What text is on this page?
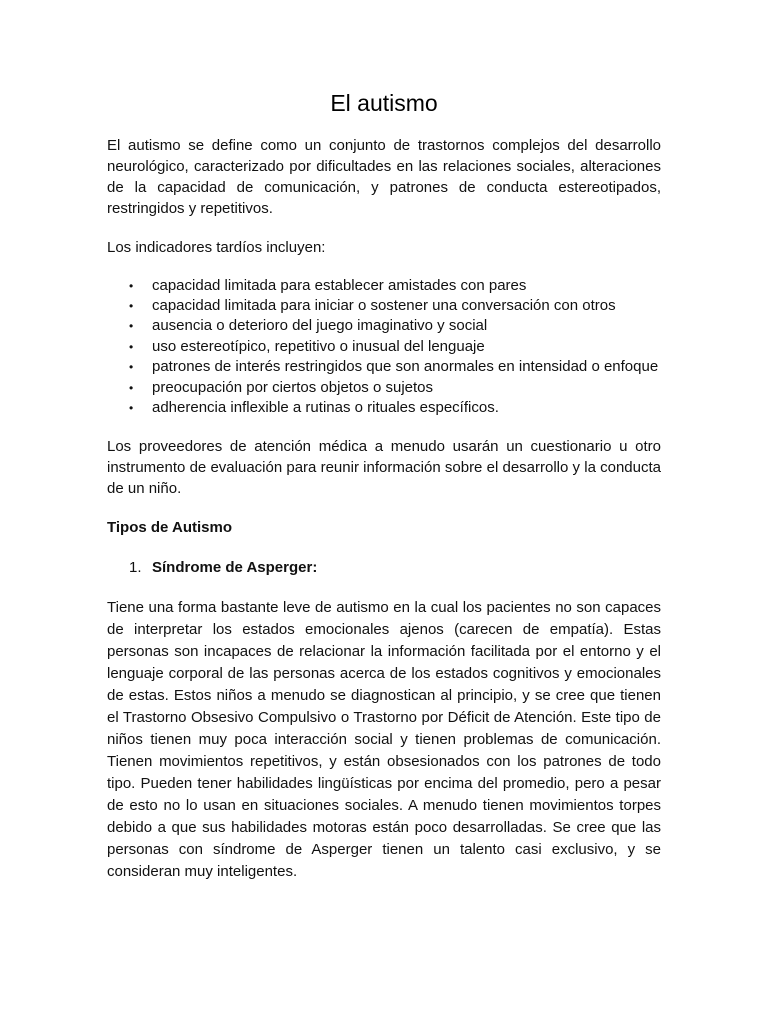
El autismo

El autismo se define como un conjunto de trastornos complejos del desarrollo neurológico, caracterizado por dificultades en las relaciones sociales, alteraciones de la capacidad de comunicación, y patrones de conducta estereotipados, restringidos y repetitivos.

Los indicadores tardíos incluyen:

• capacidad limitada para establecer amistades con pares
• capacidad limitada para iniciar o sostener una conversación con otros
• ausencia o deterioro del juego imaginativo y social
• uso estereotípico, repetitivo o inusual del lenguaje
• patrones de interés restringidos que son anormales en intensidad o enfoque
• preocupación por ciertos objetos o sujetos
• adherencia inflexible a rutinas o rituales específicos.

Los proveedores de atención médica a menudo usarán un cuestionario u otro instrumento de evaluación para reunir información sobre el desarrollo y la conducta de un niño.

Tipos de Autismo
1. Síndrome de Asperger:

Tiene una forma bastante leve de autismo en la cual los pacientes no son capaces de interpretar los estados emocionales ajenos (carecen de empatía). Estas personas son incapaces de relacionar la información facilitada por el entorno y el lenguaje corporal de las personas acerca de los estados cognitivos y emocionales de estas. Estos niños a menudo se diagnostican al principio, y se cree que tienen el Trastorno Obsesivo Compulsivo o Trastorno por Déficit de Atención. Este tipo de niños tienen muy poca interacción social y tienen problemas de comunicación. Tienen movimientos repetitivos, y están obsesionados con los patrones de todo tipo. Pueden tener habilidades lingüísticas por encima del promedio, pero a pesar de esto no lo usan en situaciones sociales. A menudo tienen movimientos torpes debido a que sus habilidades motoras están poco desarrolladas. Se cree que las personas con síndrome de Asperger tienen un talento casi exclusivo, y se consideran muy inteligentes.
